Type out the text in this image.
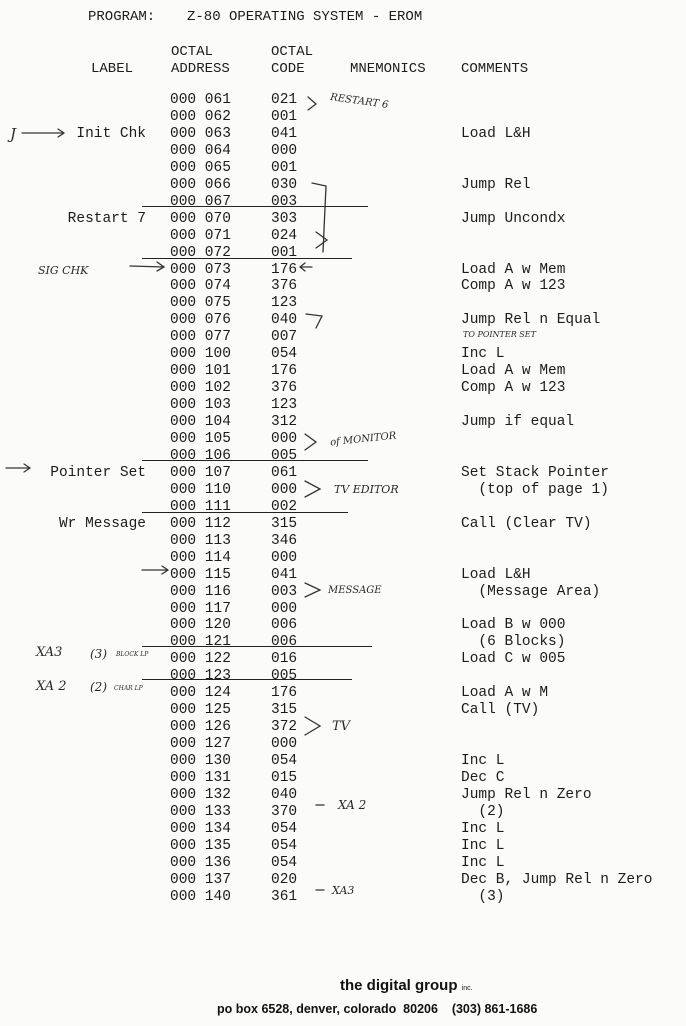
PROGRAM: Z-80 OPERATING SYSTEM - EROM
OCTAL	OCTAL
LABEL	ADDRESS	CODE	MNEMONICS	COMMENTS
000 061	021
000 062	001
Init Chk 000 063	041	Load L&H
000 064	000
000 065	001
000 066	030	Jump Rel
000 067	003
Restart 7 000 070	303	Jump Uncondx
000 071	024
000 072	001
000 073	176	Load A w Mem
000 074	376	Comp A w 123
000 075	123
000 076	040	Jump Rel n Equal
000 077	007
000 100	054	Inc L
000 101	176	Load A w Mem
000 102	376	Comp A w 123
000 103	123
000 104	312	Jump if equal
000 105	000
000 106	005
Pointer Set 000 107	061	Set Stack Pointer
000 110	000	(top of page 1)
000 111	002
Wr Message 000 112	315	Call (Clear TV)
000 113	346
000 114	000
000 115	041	Load L&H
000 116	003	(Message Area)
000 117	000
000 120	006	Load B w 000
000 121	006	(6 Blocks)
000 122	016	Load C w 005
000 123	005
000 124	176	Load A w M
000 125	315	Call (TV)
000 126	372
000 127	000
000 130	054	Inc L
000 131	015	Dec C
000 132	040	Jump Rel n Zero
000 133	370	(2)
000 134	054	Inc L
000 135	054	Inc L
000 136	054	Inc L
000 137	020	Dec B, Jump Rel n Zero
000 140	361	(3)
RESTART 6
J
SIG CHK
TO POINTER SET
of MONITOR
TV EDITOR
MESSAGE
XA3 (3) BLOCK LP
XA 2 (2) CHAR LP
TV
XA 2
XA3
the digital group inc.
po box 6528, denver, colorado  80206    (303) 861-1686
